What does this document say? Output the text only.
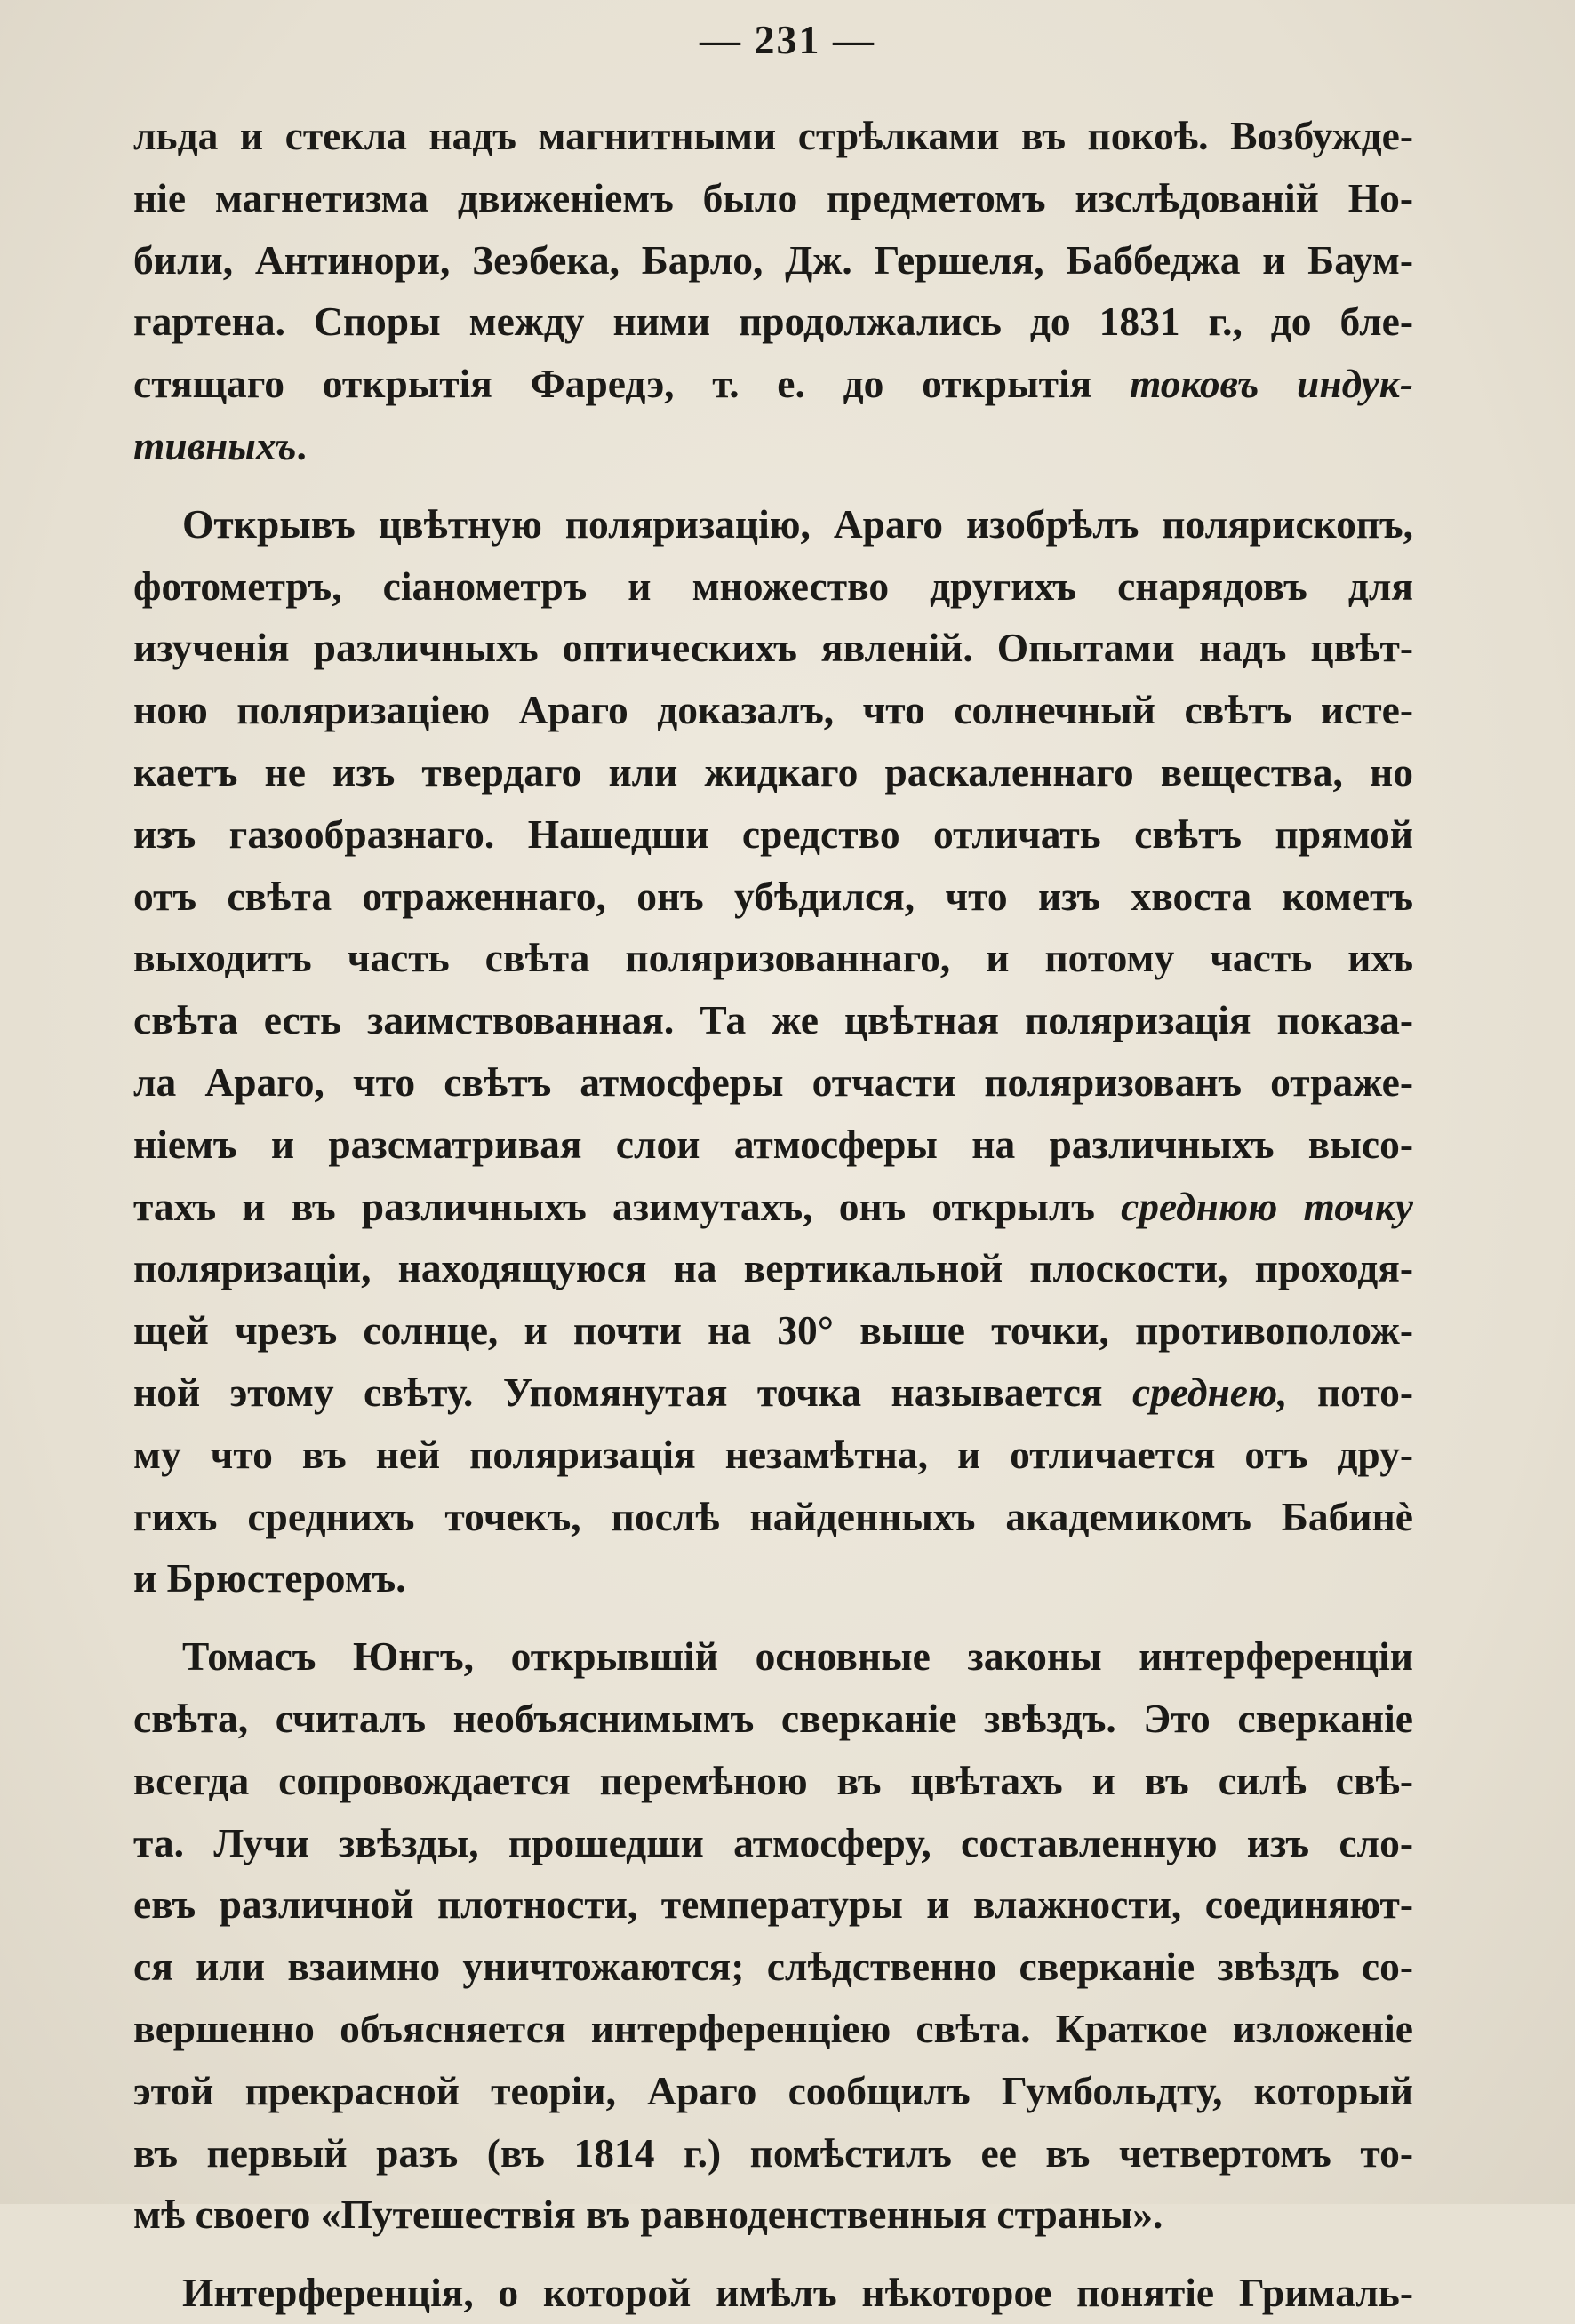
— 231 —
льда и стекла надъ магнитными стрѣлками въ покоѣ. Возбужде-
ніе магнетизма движеніемъ было предметомъ изслѣдованій Но-
били, Антинори, Зеэбека, Барло, Дж. Гершеля, Баббеджа и Баум-
гартена. Споры между ними продолжались до 1831 г., до бле-
стящаго открытія Фаредэ, т. е. до открытія токовъ индук-
тивныхъ.
Открывъ цвѣтную поляризацію, Араго изобрѣлъ полярископъ,
фотометръ, сіанометръ и множество другихъ снарядовъ для
изученія различныхъ оптическихъ явленій. Опытами надъ цвѣт-
ною поляризаціею Араго доказалъ, что солнечный свѣтъ исте-
каетъ не изъ твердаго или жидкаго раскаленнаго вещества, но
изъ газообразнаго. Нашедши средство отличать свѣтъ прямой
отъ свѣта отраженнаго, онъ убѣдился, что изъ хвоста кометъ
выходитъ часть свѣта поляризованнаго, и потому часть ихъ
свѣта есть заимствованная. Та же цвѣтная поляризація показа-
ла Араго, что свѣтъ атмосферы отчасти поляризованъ отраже-
ніемъ и разсматривая слои атмосферы на различныхъ высо-
тахъ и въ различныхъ азимутахъ, онъ открылъ среднюю точку
поляризаціи, находящуюся на вертикальной плоскости, проходя-
щей чрезъ солнце, и почти на 30° выше точки, противополож-
ной этому свѣту. Упомянутая точка называется среднею, пото-
му что въ ней поляризація незамѣтна, и отличается отъ дру-
гихъ среднихъ точекъ, послѣ найденныхъ академикомъ Бабинѐ
и Брюстеромъ.
Томасъ Юнгъ, открывшій основные законы интерференціи
свѣта, считалъ необъяснимымъ сверканіе звѣздъ. Это сверканіе
всегда сопровождается перемѣною въ цвѣтахъ и въ силѣ свѣ-
та. Лучи звѣзды, прошедши атмосферу, составленную изъ сло-
евъ различной плотности, температуры и влажности, соединяют-
ся или взаимно уничтожаются; слѣдственно сверканіе звѣздъ со-
вершенно объясняется интерференціею свѣта. Краткое изложеніе
этой прекрасной теоріи, Араго сообщилъ Гумбольдту, который
въ первый разъ (въ 1814 г.) помѣстилъ ее въ четвертомъ то-
мѣ своего «Путешествія въ равноденственныя страны».
Интерференція, о которой имѣлъ нѣкоторое понятіе Грималь-
